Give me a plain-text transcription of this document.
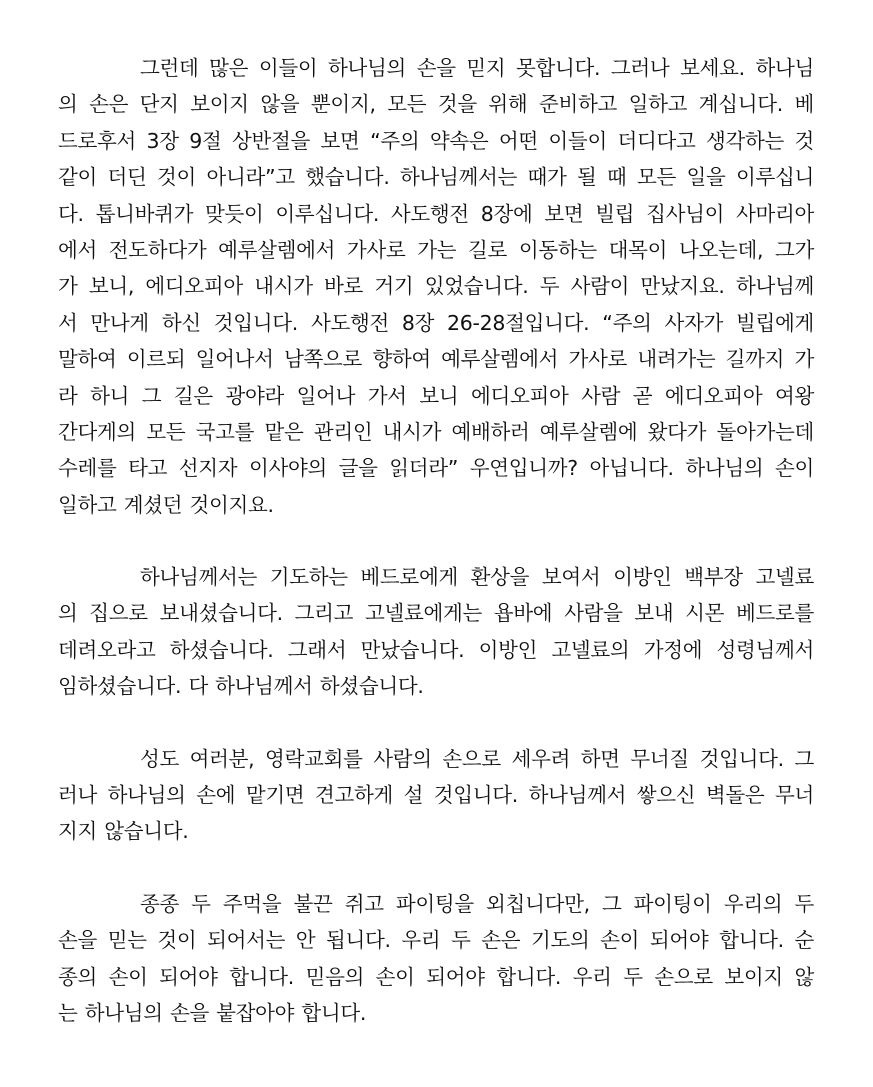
그런데 많은 이들이 하나님의 손을 믿지 못합니다. 그러나 보세요. 하나님
의 손은 단지 보이지 않을 뿐이지, 모든 것을 위해 준비하고 일하고 계십니다. 베
드로후서 3장 9절 상반절을 보면 “주의 약속은 어떤 이들이 더디다고 생각하는 것
같이 더딘 것이 아니라”고 했습니다. 하나님께서는 때가 될 때 모든 일을 이루십니
다. 톱니바퀴가 맞듯이 이루십니다. 사도행전 8장에 보면 빌립 집사님이 사마리아
에서 전도하다가 예루살렘에서 가사로 가는 길로 이동하는 대목이 나오는데, 그가
가 보니, 에디오피아 내시가 바로 거기 있었습니다. 두 사람이 만났지요. 하나님께
서 만나게 하신 것입니다. 사도행전 8장 26-28절입니다. “주의 사자가 빌립에게
말하여 이르되 일어나서 남쪽으로 향하여 예루살렘에서 가사로 내려가는 길까지 가
라 하니 그 길은 광야라 일어나 가서 보니 에디오피아 사람 곧 에디오피아 여왕
간다게의 모든 국고를 맡은 관리인 내시가 예배하러 예루살렘에 왔다가 돌아가는데
수레를 타고 선지자 이사야의 글을 읽더라” 우연입니까? 아닙니다. 하나님의 손이
일하고 계셨던 것이지요.
하나님께서는 기도하는 베드로에게 환상을 보여서 이방인 백부장 고넬료
의 집으로 보내셨습니다. 그리고 고넬료에게는 욥바에 사람을 보내 시몬 베드로를
데려오라고 하셨습니다. 그래서 만났습니다. 이방인 고넬료의 가정에 성령님께서
임하셨습니다. 다 하나님께서 하셨습니다.
성도 여러분, 영락교회를 사람의 손으로 세우려 하면 무너질 것입니다. 그
러나 하나님의 손에 맡기면 견고하게 설 것입니다. 하나님께서 쌓으신 벽돌은 무너
지지 않습니다.
종종 두 주먹을 불끈 쥐고 파이팅을 외칩니다만, 그 파이팅이 우리의 두
손을 믿는 것이 되어서는 안 됩니다. 우리 두 손은 기도의 손이 되어야 합니다. 순
종의 손이 되어야 합니다. 믿음의 손이 되어야 합니다. 우리 두 손으로 보이지 않
는 하나님의 손을 붙잡아야 합니다.
